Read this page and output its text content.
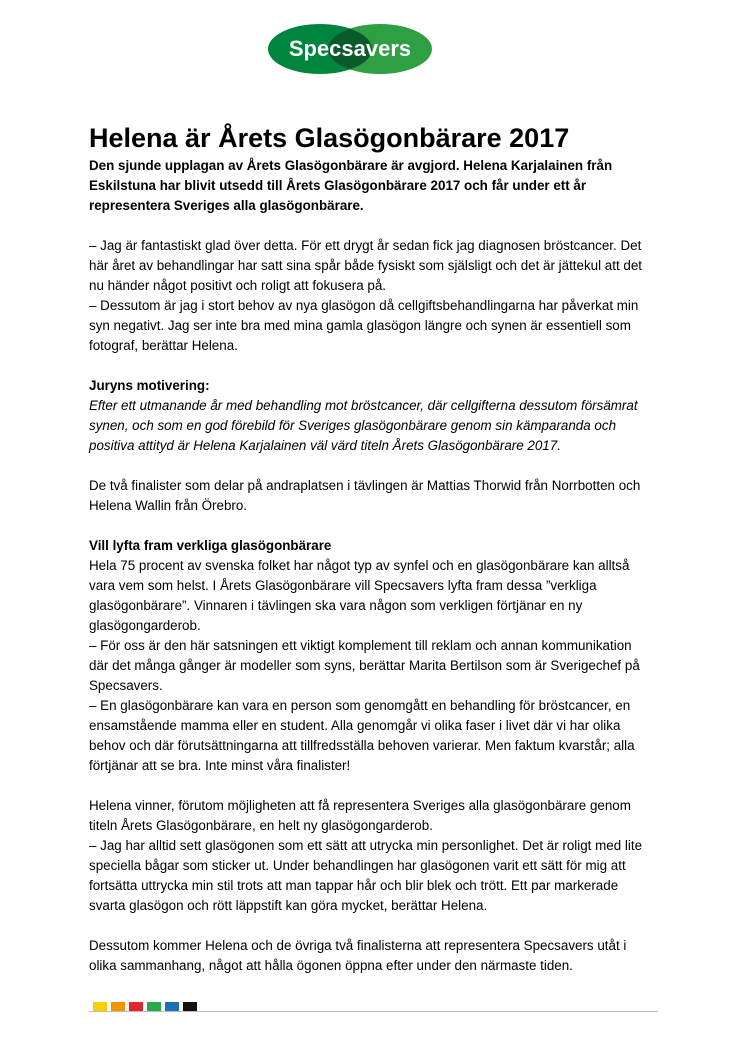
Specsavers
Helena är Årets Glasögonbärare 2017

Den sjunde upplagan av Årets Glasögonbärare är avgjord. Helena Karjalainen från Eskilstuna har blivit utsedd till Årets Glasögonbärare 2017 och får under ett år representera Sveriges alla glasögonbärare.

– Jag är fantastiskt glad över detta. För ett drygt år sedan fick jag diagnosen bröstcancer. Det här året av behandlingar har satt sina spår både fysiskt som själsligt och det är jättekul att det nu händer något positivt och roligt att fokusera på.

– Dessutom är jag i stort behov av nya glasögon då cellgiftsbehandlingarna har påverkat min syn negativt. Jag ser inte bra med mina gamla glasögon längre och synen är essentiell som fotograf, berättar Helena.

Juryns motivering:

Efter ett utmanande år med behandling mot bröstcancer, där cellgifterna dessutom försämrat synen, och som en god förebild för Sveriges glasögonbärare genom sin kämparanda och positiva attityd är Helena Karjalainen väl värd titeln Årets Glasögonbärare 2017.

De två finalister som delar på andraplatsen i tävlingen är Mattias Thorwid från Norrbotten och Helena Wallin från Örebro.

Vill lyfta fram verkliga glasögonbärare

Hela 75 procent av svenska folket har något typ av synfel och en glasögonbärare kan alltså vara vem som helst. I Årets Glasögonbärare vill Specsavers lyfta fram dessa ”verkliga glasögonbärare”. Vinnaren i tävlingen ska vara någon som verkligen förtjänar en ny glasögongarderob.

– För oss är den här satsningen ett viktigt komplement till reklam och annan kommunikation där det många gånger är modeller som syns, berättar Marita Bertilson som är Sverigechef på Specsavers.

– En glasögonbärare kan vara en person som genomgått en behandling för bröstcancer, en ensamstående mamma eller en student. Alla genomgår vi olika faser i livet där vi har olika behov och där förutsättningarna att tillfredsställa behoven varierar. Men faktum kvarstår; alla förtjänar att se bra. Inte minst våra finalister!

Helena vinner, förutom möjligheten att få representera Sveriges alla glasögonbärare genom titeln Årets Glasögonbärare, en helt ny glasögongarderob.

– Jag har alltid sett glasögonen som ett sätt att utrycka min personlighet. Det är roligt med lite speciella bågar som sticker ut. Under behandlingen har glasögonen varit ett sätt för mig att fortsätta uttrycka min stil trots att man tappar hår och blir blek och trött. Ett par markerade svarta glasögon och rött läppstift kan göra mycket, berättar Helena.

Dessutom kommer Helena och de övriga två finalisterna att representera Specsavers utåt i olika sammanhang, något att hålla ögonen öppna efter under den närmaste tiden.
